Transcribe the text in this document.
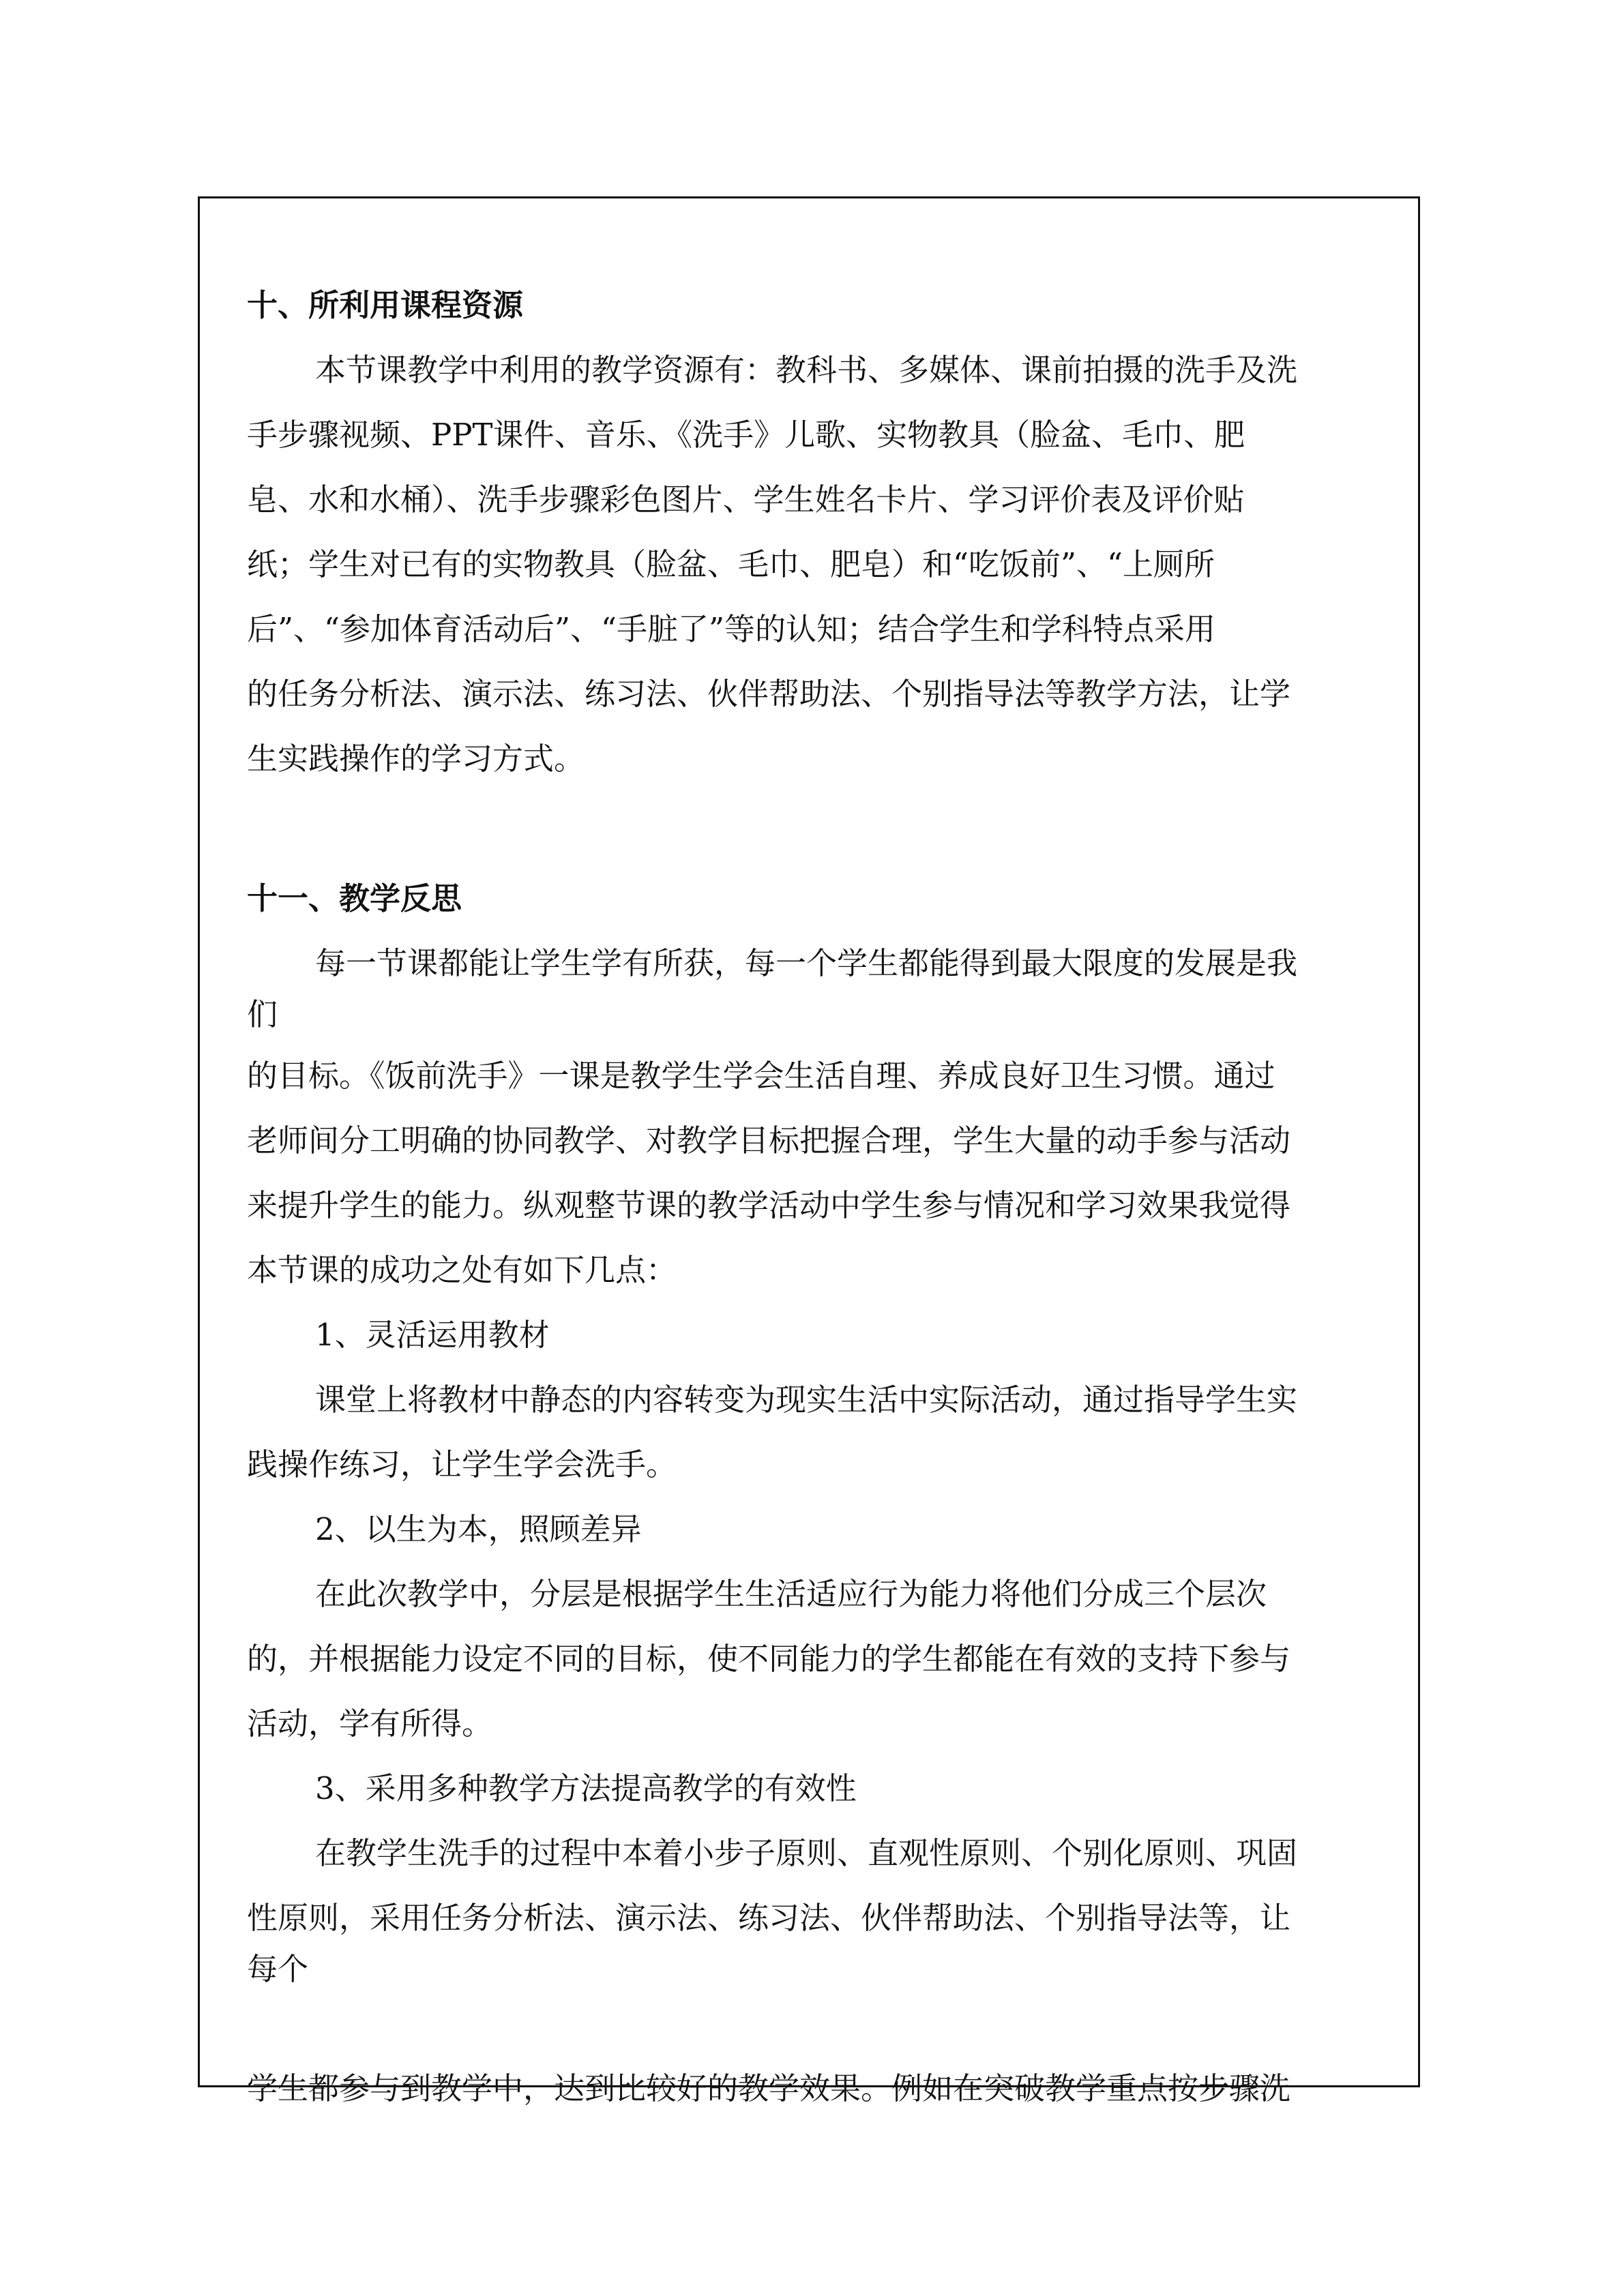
十、所利用课程资源
本节课教学中利用的教学资源有：教科书、多媒体、课前拍摄的洗手及洗
手步骤视频、PPT课件、音乐、《洗手》儿歌、实物教具（脸盆、毛巾、肥
皂、水和水桶）、洗手步骤彩色图片、学生姓名卡片、学习评价表及评价贴
纸；学生对已有的实物教具（脸盆、毛巾、肥皂）和“吃饭前”、“上厕所
后”、“参加体育活动后”、“手脏了”等的认知；结合学生和学科特点采用
的任务分析法、演示法、练习法、伙伴帮助法、个别指导法等教学方法，让学
生实践操作的学习方式。
十一、教学反思
每一节课都能让学生学有所获，每一个学生都能得到最大限度的发展是我
们
的目标。《饭前洗手》一课是教学生学会生活自理、养成良好卫生习惯。通过
老师间分工明确的协同教学、对教学目标把握合理，学生大量的动手参与活动
来提升学生的能力。纵观整节课的教学活动中学生参与情况和学习效果我觉得
本节课的成功之处有如下几点：
1、灵活运用教材
课堂上将教材中静态的内容转变为现实生活中实际活动，通过指导学生实
践操作练习，让学生学会洗手。
2、以生为本，照顾差异
在此次教学中，分层是根据学生生活适应行为能力将他们分成三个层次
的，并根据能力设定不同的目标，使不同能力的学生都能在有效的支持下参与
活动，学有所得。
3、采用多种教学方法提高教学的有效性
在教学生洗手的过程中本着小步子原则、直观性原则、个别化原则、巩固
性原则，采用任务分析法、演示法、练习法、伙伴帮助法、个别指导法等，让
每个
学生都参与到教学中，达到比较好的教学效果。例如在突破教学重点按步骤洗
